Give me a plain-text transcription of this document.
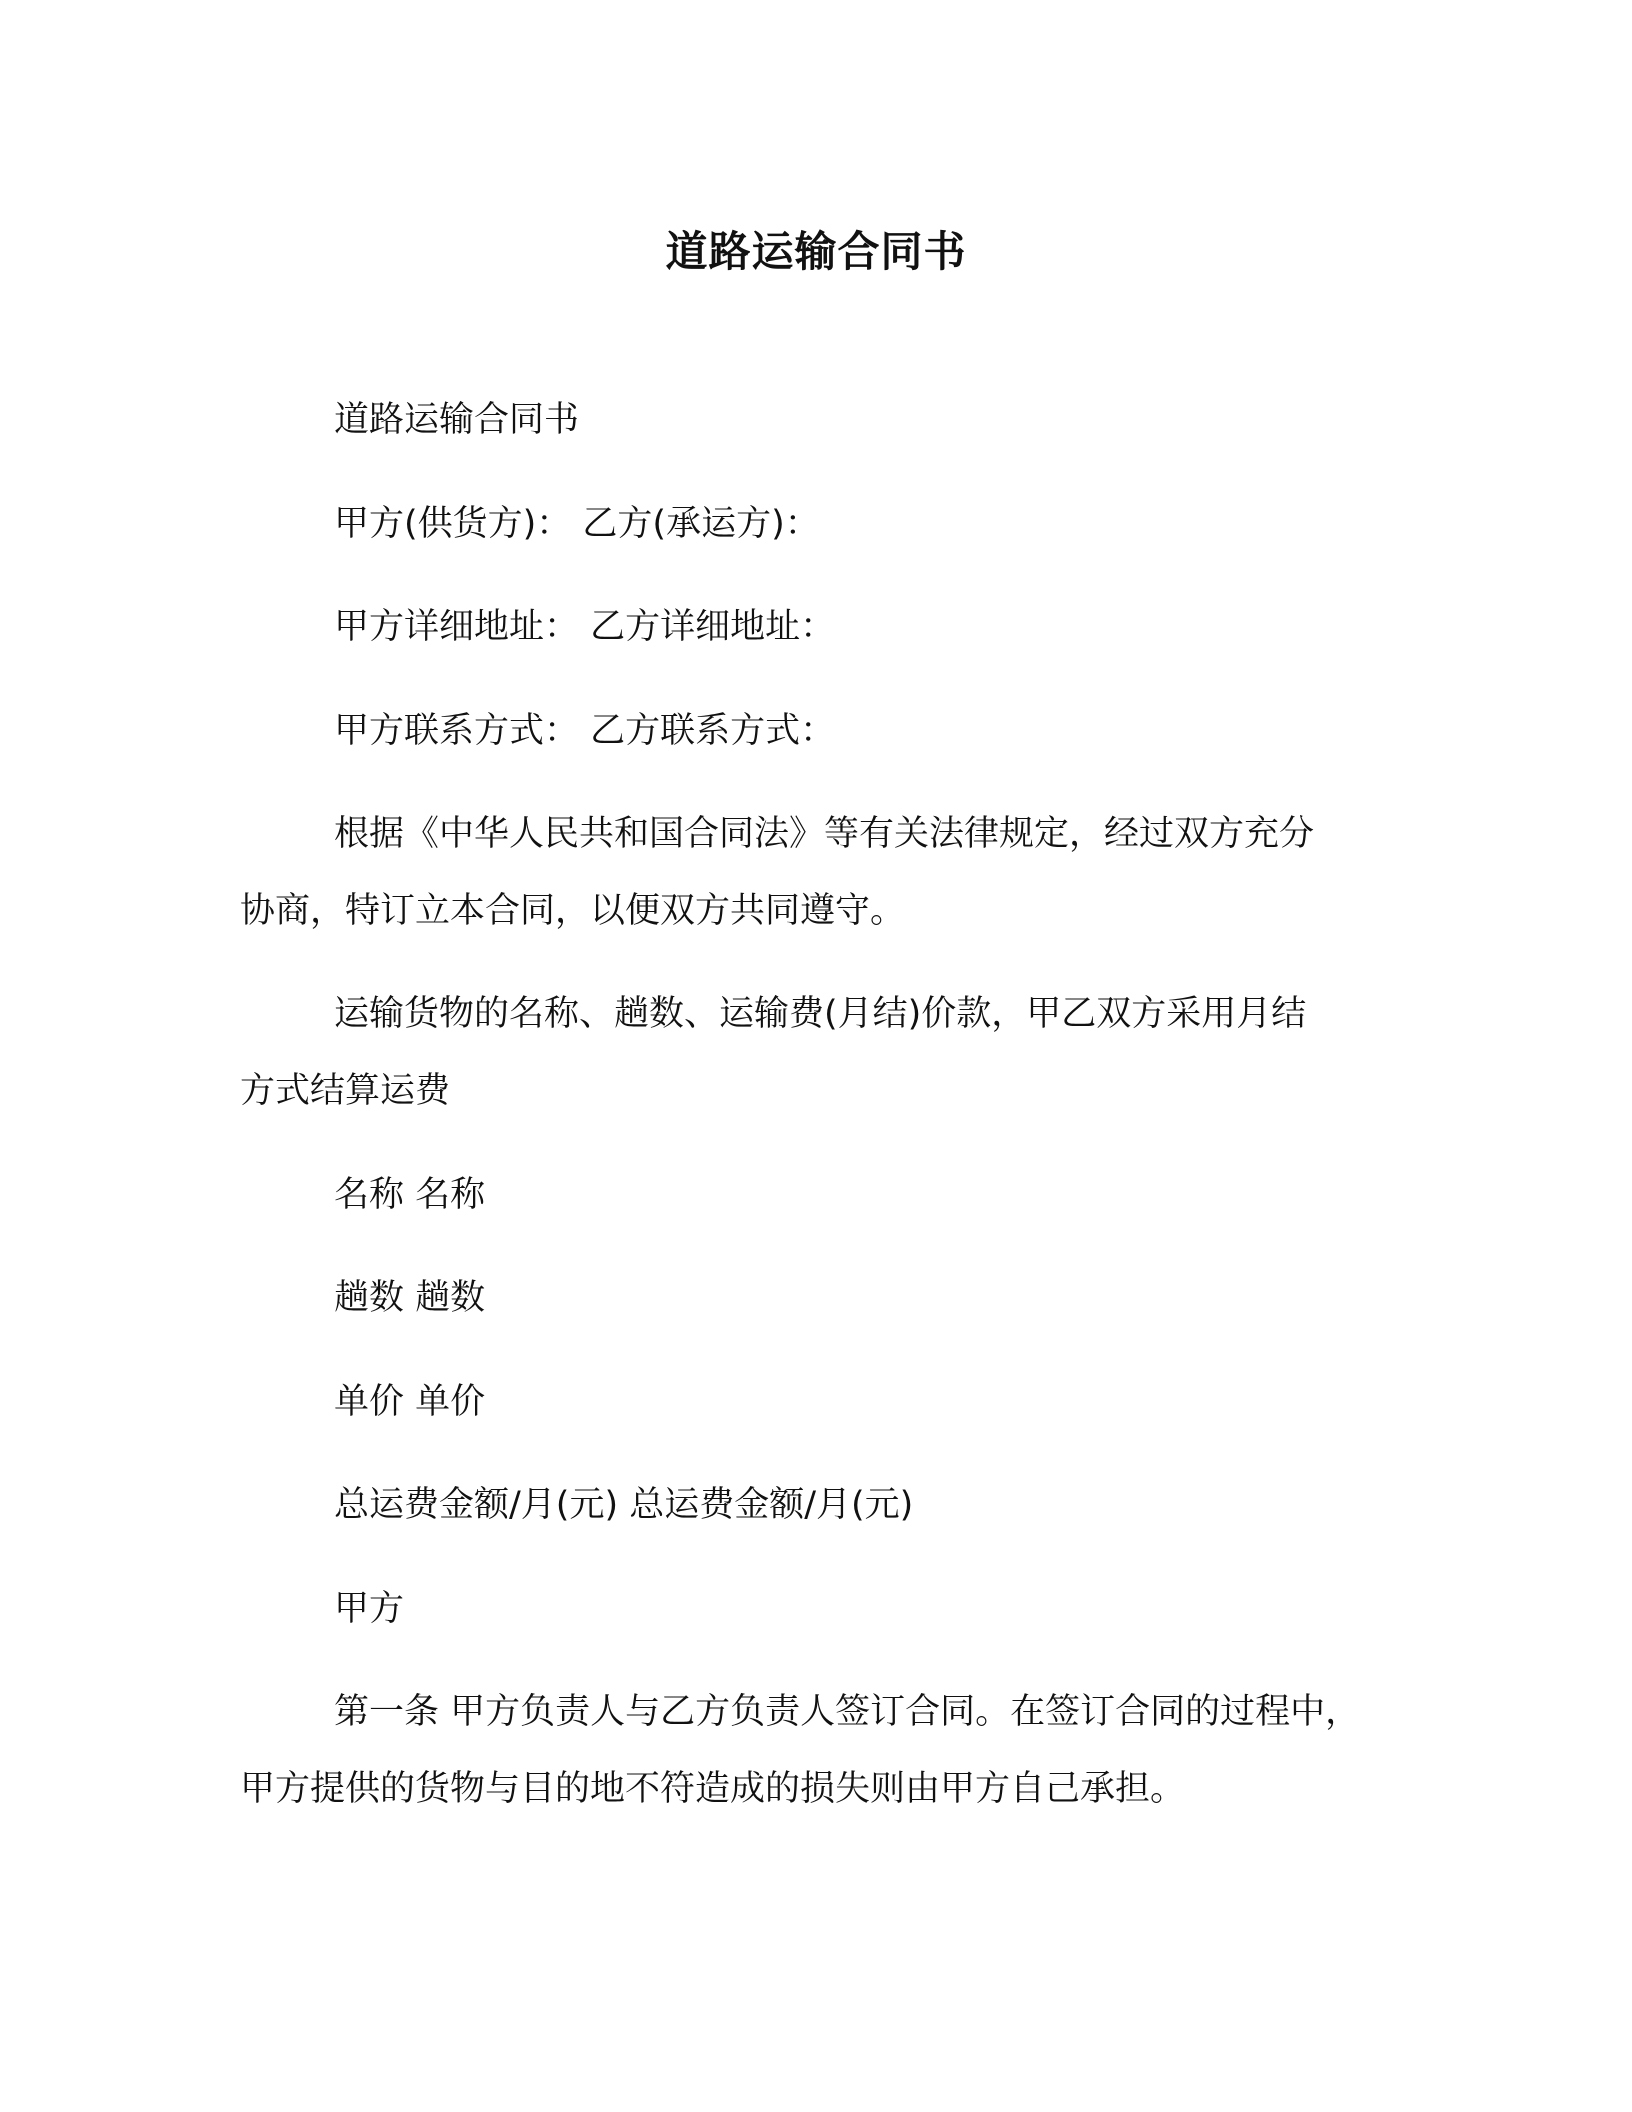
道路运输合同书
道路运输合同书
甲方(供货方)： 乙方(承运方)：
甲方详细地址： 乙方详细地址：
甲方联系方式： 乙方联系方式：
根据《中华人民共和国合同法》等有关法律规定，经过双方充分
协商，特订立本合同，以便双方共同遵守。
运输货物的名称、趟数、运输费(月结)价款，甲乙双方采用月结
方式结算运费
名称 名称
趟数 趟数
单价 单价
总运费金额/月(元) 总运费金额/月(元)
甲方
第一条 甲方负责人与乙方负责人签订合同。在签订合同的过程中，
甲方提供的货物与目的地不符造成的损失则由甲方自己承担。
